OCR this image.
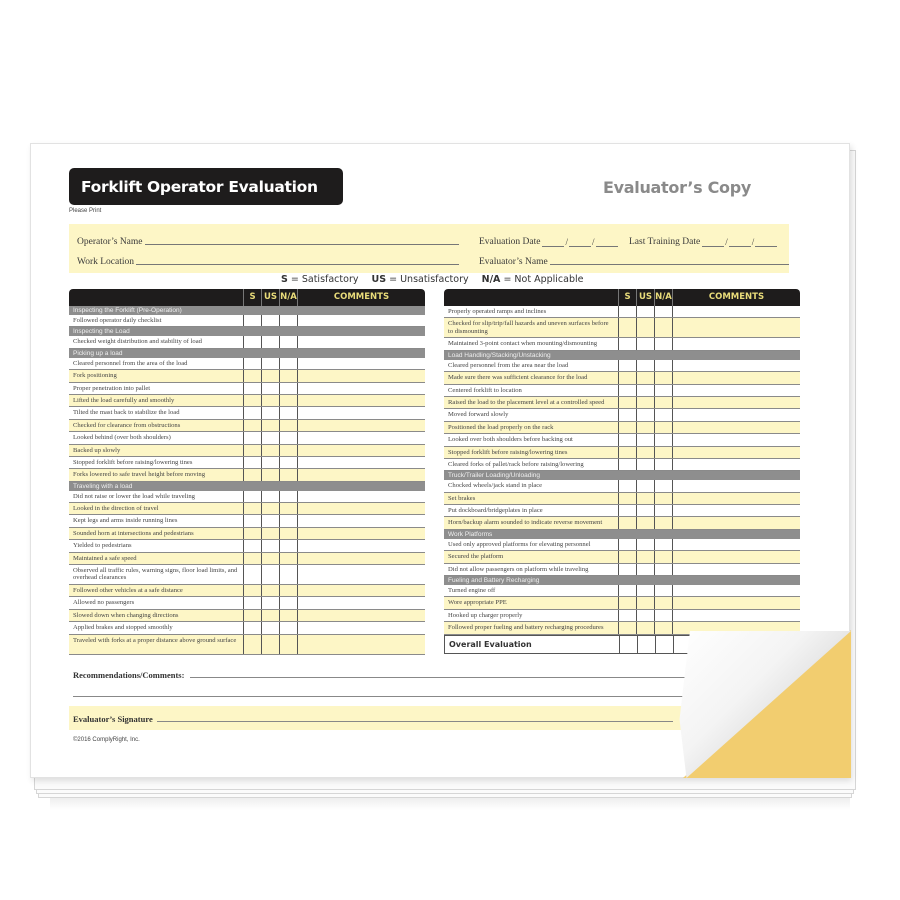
Forklift Operator Evaluation
Please Print
Evaluator’s Copy
Operator’s Name
Work Location
Evaluation Date	/	/	Last Training Date	/	/
Evaluator’s Name
S = Satisfactory US = Unsatisfactory N/A = Not Applicable
S US N/A	COMMENTS
Inspecting the Forklift (Pre-Operation)
Followed operator daily checklist
Inspecting the Load
Checked weight distribution and stability of load
Picking up a load
Cleared personnel from the area of the load
Fork positioning
Proper penetration into pallet
Lifted the load carefully and smoothly
Tilted the mast back to stabilize the load
Checked for clearance from obstructions
Looked behind (over both shoulders)
Backed up slowly
Stopped forklift before raising/lowering tines
Forks lowered to safe travel height before moving
Traveling with a load
Did not raise or lower the load while traveling
Looked in the direction of travel
Kept legs and arms inside running lines
Sounded horn at intersections and pedestrians
Yielded to pedestrians
Maintained a safe speed
Observed all traffic rules, warning signs, floor load limits, and overhead clearances
Followed other vehicles at a safe distance
Allowed no passengers
Slowed down when changing directions
Applied brakes and stopped smoothly
Traveled with forks at a proper distance above ground surface
S US N/A	COMMENTS
Properly operated ramps and inclines
Checked for slip/trip/fall hazards and uneven surfaces before to dismounting
Maintained 3-point contact when mounting/dismounting
Load Handling/Stacking/Unstacking
Cleared personnel from the area near the load
Made sure there was sufficient clearance for the load
Centered forklift to location
Raised the load to the placement level at a controlled speed
Moved forward slowly
Positioned the load properly on the rack
Looked over both shoulders before backing out
Stopped forklift before raising/lowering tines
Cleared forks of pallet/rack before raising/lowering
Truck/Trailer Loading/Unloading
Chocked wheels/jack stand in place
Set brakes
Put dockboard/bridgeplates in place
Horn/backup alarm sounded to indicate reverse movement
Work Platforms
Used only approved platforms for elevating personnel
Secured the platform
Did not allow passengers on platform while traveling
Fueling and Battery Recharging
Turned engine off
Wore appropriate PPE
Hooked up charger properly
Followed proper fueling and battery recharging procedures
Overall Evaluation
Recommendations/Comments:
Evaluator’s Signature
©2016 ComplyRight, Inc.
